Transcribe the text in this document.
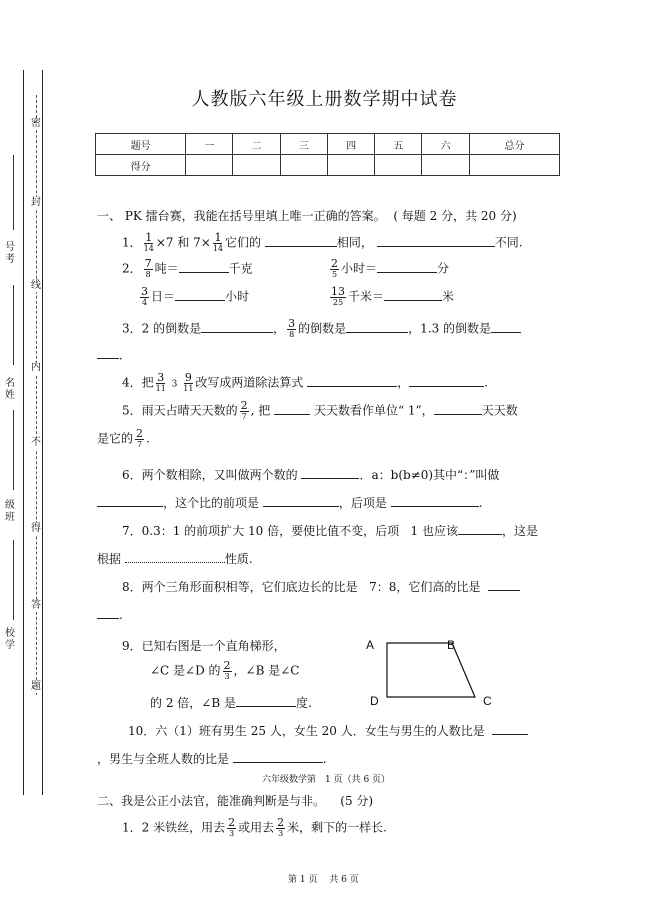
密
封
线
内
不
得
答
题
号考
名姓
级班
校学
人教版六年级上册数学期中试卷
题号	一	二	三	四	五	六	总分
得分							
一、 PK 擂台赛，我能在括号里填上唯一正确的答案。 ( 每题 2 分，共 20 分)
1． $\frac{1}{14} \times 7$ 和 $7\times \frac{1}{14}$ 它们的	相同，	不同.
2． $\frac{7}{8}$ 吨＝	千克	$\frac{2}{5}$ 小时＝	分
$\frac{3}{4}$ 日＝	小时	$\frac{13}{25}$ 千米＝	米
3．2 的倒数是	， $\frac{3}{8}$ 的倒数是	，1.3 的倒数是
．
4．把 $\frac{3}{11} 3 \frac{9}{11}$ 改写成两道除法算式	，	.
5．雨天占晴天天数的 $\frac{2}{7}$ , 把	天天数看作单位“ 1”，	天天数
是它的 $\frac{2}{7}$ .
6．两个数相除，又叫做两个数的	．a：b(b≠0)其中“：”叫做
，这个比的前项是	，后项是	.
7．0.3：1 的前项扩大 10 倍，要使比值不变，后项 1 也应该	，这是
根据	性质.
8．两个三角形面积相等，它们底边长的比是 7：8，它们高的比是
.
9．已知右图是一个直角梯形，
∠C 是∠D 的 $\frac{2}{3}$ ，∠B 是∠C
的 2 倍，∠B 是	度.
A	B
C
D
10．六（1）班有男生 25 人，女生 20 人．女生与男生的人数比是
，男生与全班人数的比是	.
六年级数学第　1 页（共 6 页）
二、我是公正小法官，能准确判断是与非。 (5 分)
1．2 米铁丝，用去 $\frac{2}{3}$ 或用去 $\frac{2}{3}$ 米，剩下的一样长.
第 1 页　 共 6 页
